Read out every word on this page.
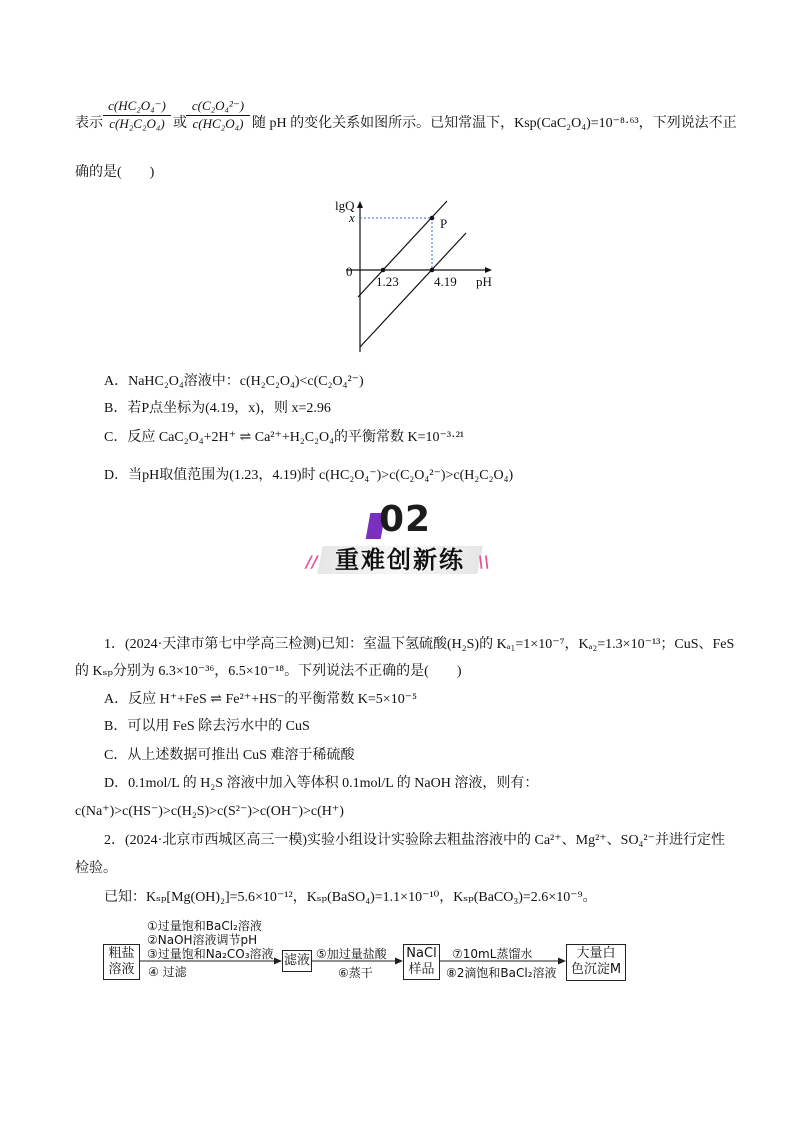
表示
c(HC₂O₄⁻)
c(H₂C₂O₄) 或
c(C₂O₄²⁻)
c(HC₂O₄) 随 pH 的变化关系如图所示。已知常温下，Ksp(CaC₂O₄)=10⁻⁸·⁶³，下列说法不正
确的是(　　)
lgQ
x
0
1.23	4.19 pH
P
A．NaHC₂O₄溶液中：c(H₂C₂O₄)<c(C₂O₄²⁻)
B．若P点坐标为(4.19，x)，则 x=2.96
C．反应 CaC₂O₄+2H⁺ ⇌ Ca²⁺+H₂C₂O₄的平衡常数 K=10⁻³·²¹
D．当pH取值范围为(1.23，4.19)时 c(HC₂O₄⁻)>c(C₂O₄²⁻)>c(H₂C₂O₄)
02
// 重难创新练 \\
1．(2024·天津市第七中学高三检测)已知：室温下氢硫酸(H₂S)的 Kₐ₁=1×10⁻⁷，Kₐ₂=1.3×10⁻¹³；CuS、FeS
的 Kₛₚ分别为 6.3×10⁻³⁶，6.5×10⁻¹⁸。下列说法不正确的是(　　)
A．反应 H⁺+FeS ⇌ Fe²⁺+HS⁻的平衡常数 K=5×10⁻⁵
B．可以用 FeS 除去污水中的 CuS
C．从上述数据可推出 CuS 难溶于稀硫酸
D．0.1mol/L 的 H₂S 溶液中加入等体积 0.1mol/L 的 NaOH 溶液，则有：
c(Na⁺)>c(HS⁻)>c(H₂S)>c(S²⁻)>c(OH⁻)>c(H⁺)
2．(2024·北京市西城区高三一模)实验小组设计实验除去粗盐溶液中的 Ca²⁺、Mg²⁺、SO₄²⁻并进行定性
检验。
已知：Kₛₚ[Mg(OH)₂]=5.6×10⁻¹²，Kₛₚ(BaSO₄)=1.1×10⁻¹⁰，Kₛₚ(BaCO₃)=2.6×10⁻⁹。
粗盐
溶液
①过量饱和BaCl₂溶液
②NaOH溶液调节pH
③过量饱和Na₂CO₃溶液
④ 过滤
滤液 ⑤加过量盐酸
⑥蒸干
NaCl
样品
⑦10mL蒸馏水
⑧2滴饱和BaCl₂溶液
大量白
色沉淀M
